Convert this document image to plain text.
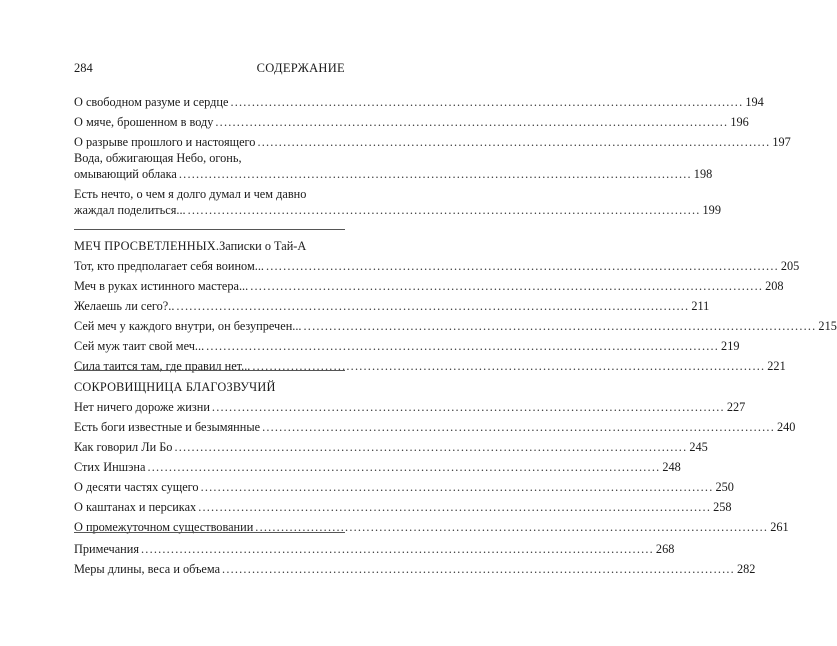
284	СОДЕРЖАНИЕ
О свободном разуме и сердце ........................................................................................................................ 194
О мяче, брошенном в воду ........................................................................................................................ 196
О разрыве прошлого и настоящего ........................................................................................................................ 197
Вода, обжигающая Небо, огонь,
омывающий облака ........................................................................................................................ 198
Есть нечто, о чем я долго думал и чем давно
жаждал поделиться... ........................................................................................................................ 199
МЕЧ ПРОСВЕТЛЕННЫХ. Записки о Тай-А
Тот, кто предполагает себя воином... ........................................................................................................................ 205
Меч в руках истинного мастера... ........................................................................................................................ 208
Желаешь ли сего?.. ........................................................................................................................ 211
Сей меч у каждого внутри, он безупречен... ........................................................................................................................ 215
Сей муж таит свой меч... ........................................................................................................................ 219
Сила таится там, где правил нет... ........................................................................................................................ 221
СОКРОВИЩНИЦА БЛАГОЗВУЧИЙ
Нет ничего дороже жизни ........................................................................................................................ 227
Есть боги известные и безымянные ........................................................................................................................ 240
Как говорил Ли Бо ........................................................................................................................ 245
Стих Иншэна ........................................................................................................................ 248
О десяти частях сущего ........................................................................................................................ 250
О каштанах и персиках ........................................................................................................................ 258
О промежуточном существовании ........................................................................................................................ 261
Примечания ........................................................................................................................ 268
Меры длины, веса и объема ........................................................................................................................ 282
